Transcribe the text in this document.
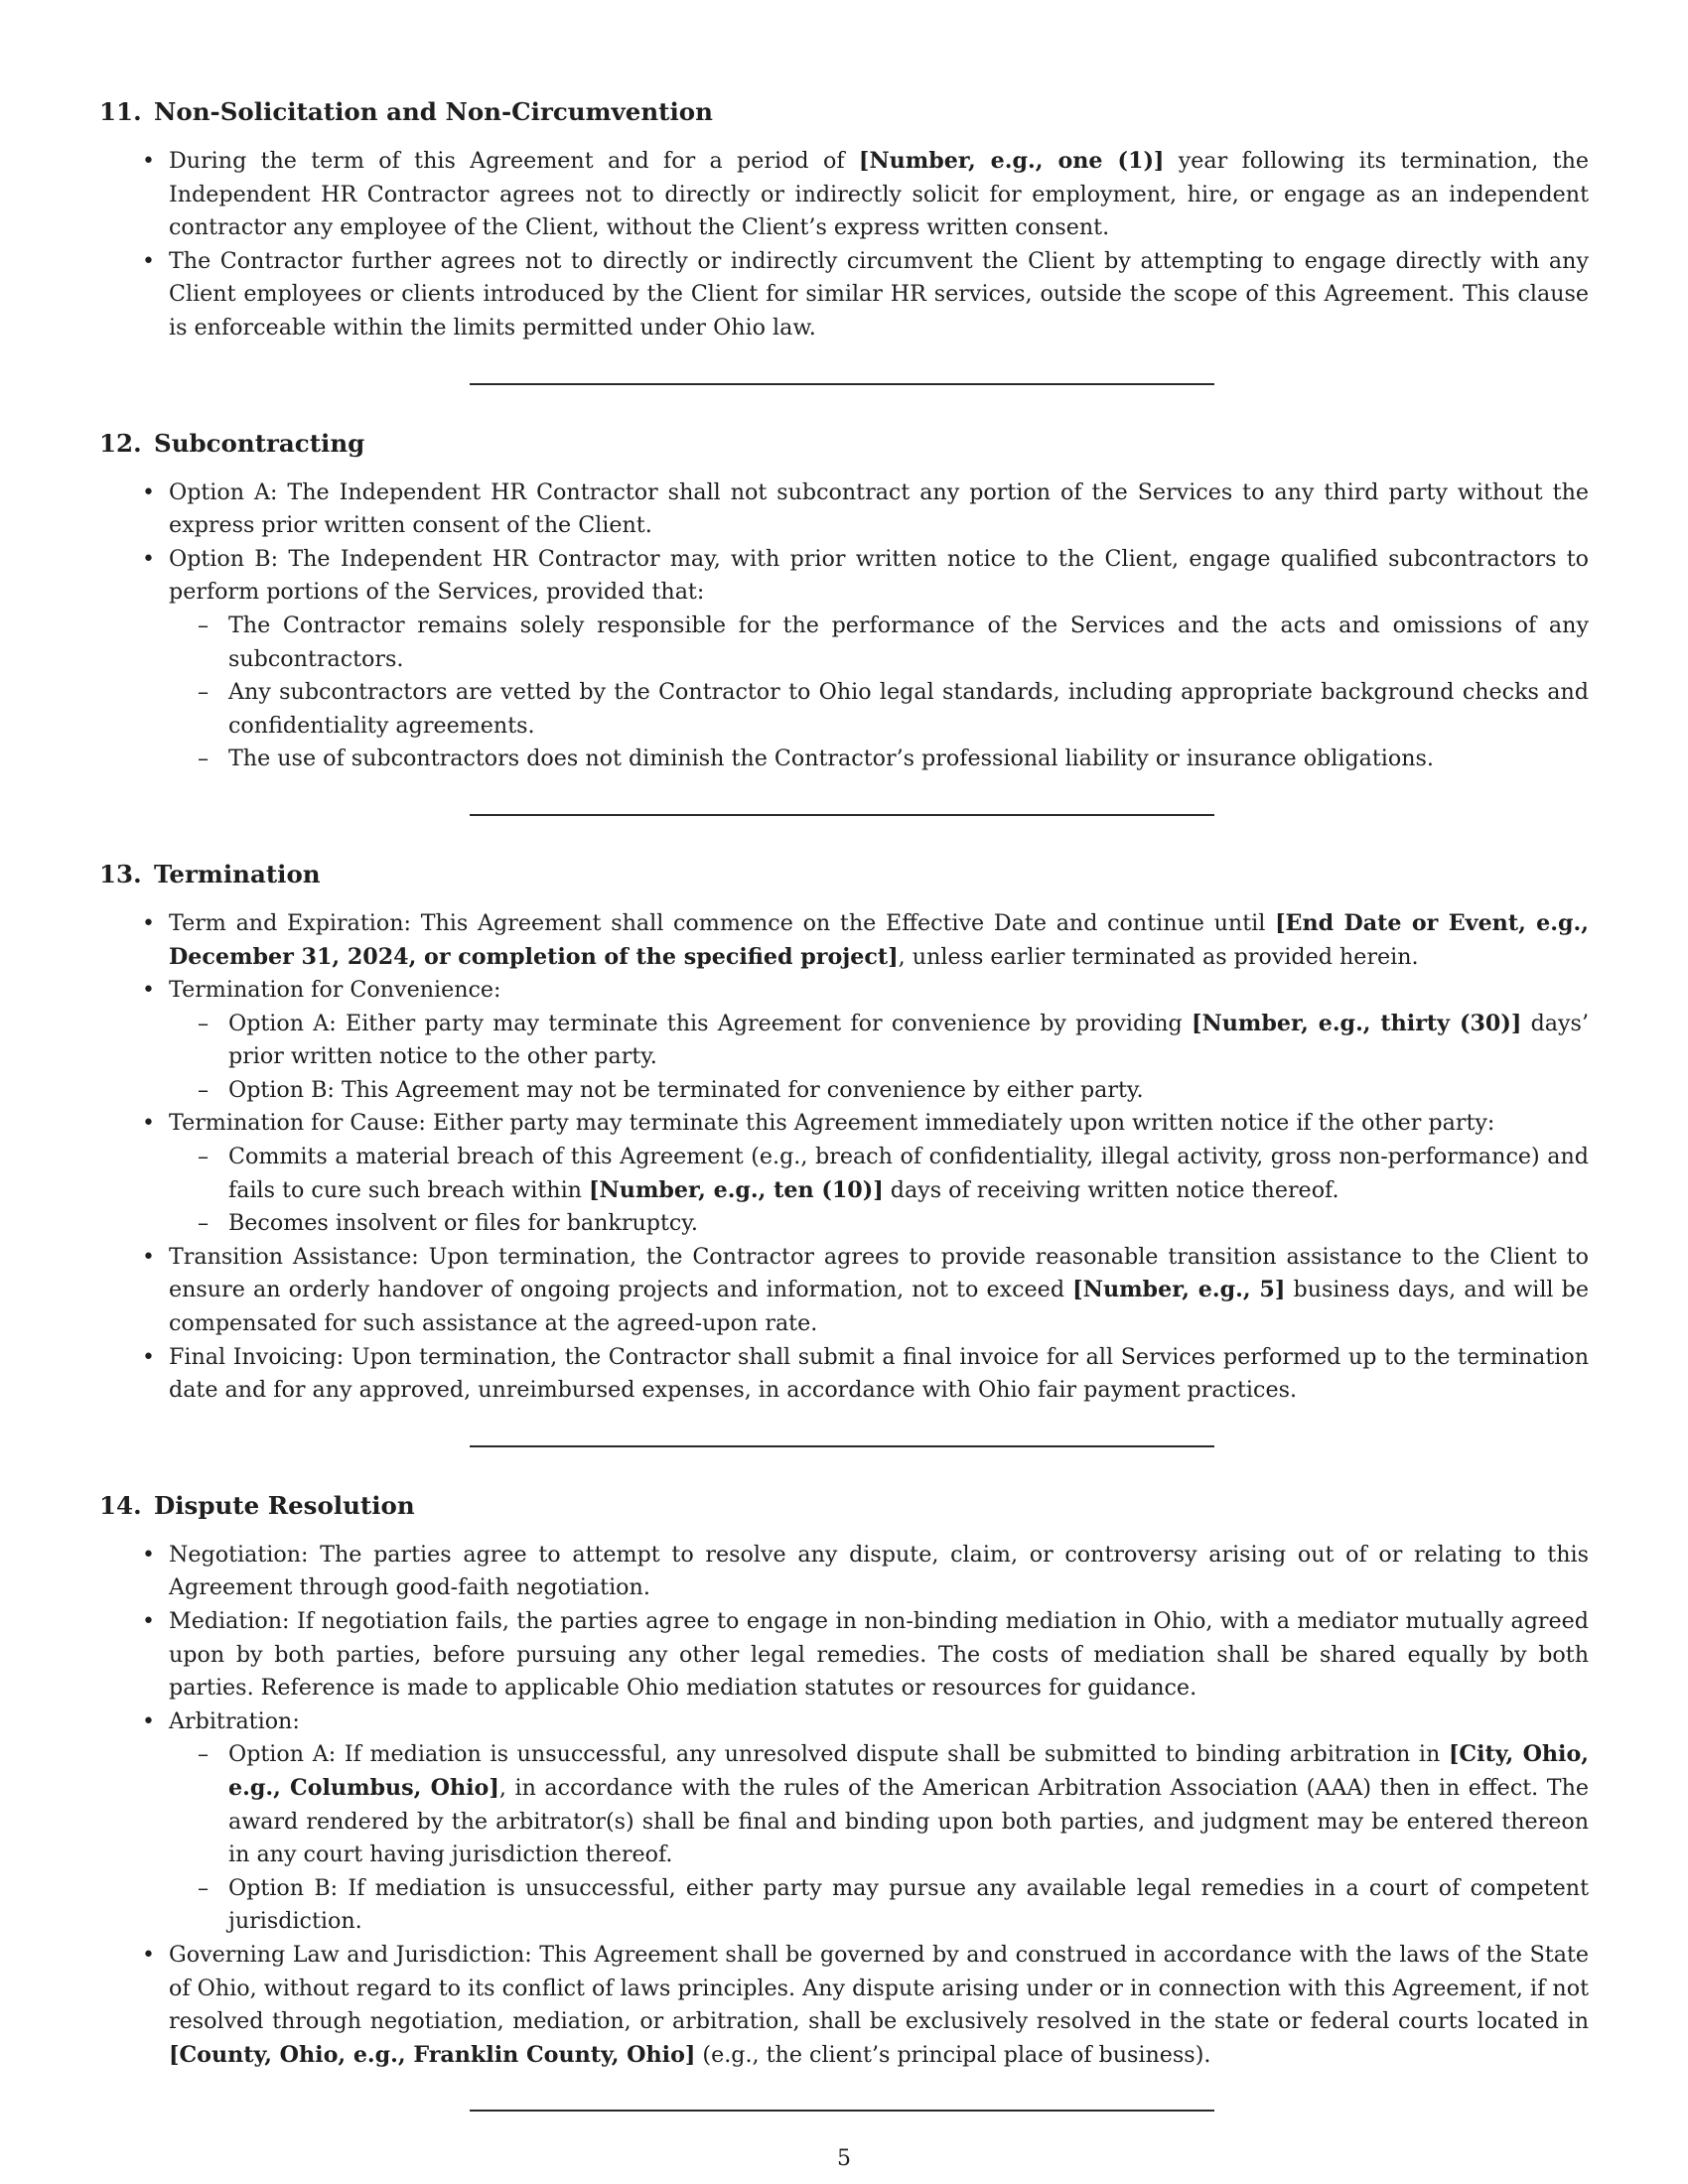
11. Non-Solicitation and Non-Circumvention
• During the term of this Agreement and for a period of [Number, e.g., one (1)] year following its termination, the Independent HR Contractor agrees not to directly or indirectly solicit for employment, hire, or engage as an independent contractor any employee of the Client, without the Client’s express written consent.
• The Contractor further agrees not to directly or indirectly circumvent the Client by attempting to engage directly with any Client employees or clients introduced by the Client for similar HR services, outside the scope of this Agreement. This clause is enforceable within the limits permitted under Ohio law.
12. Subcontracting
• Option A: The Independent HR Contractor shall not subcontract any portion of the Services to any third party without the express prior written consent of the Client.
• Option B: The Independent HR Contractor may, with prior written notice to the Client, engage qualified subcontractors to perform portions of the Services, provided that:
– The Contractor remains solely responsible for the performance of the Services and the acts and omissions of any subcontractors.
– Any subcontractors are vetted by the Contractor to Ohio legal standards, including appropriate background checks and confidentiality agreements.
– The use of subcontractors does not diminish the Contractor’s professional liability or insurance obligations.
13. Termination
• Term and Expiration: This Agreement shall commence on the Effective Date and continue until [End Date or Event, e.g., December 31, 2024, or completion of the specified project], unless earlier terminated as provided herein.
• Termination for Convenience:
– Option A: Either party may terminate this Agreement for convenience by providing [Number, e.g., thirty (30)] days’ prior written notice to the other party.
– Option B: This Agreement may not be terminated for convenience by either party.
• Termination for Cause: Either party may terminate this Agreement immediately upon written notice if the other party:
– Commits a material breach of this Agreement (e.g., breach of confidentiality, illegal activity, gross non-performance) and fails to cure such breach within [Number, e.g., ten (10)] days of receiving written notice thereof.
– Becomes insolvent or files for bankruptcy.
• Transition Assistance: Upon termination, the Contractor agrees to provide reasonable transition assistance to the Client to ensure an orderly handover of ongoing projects and information, not to exceed [Number, e.g., 5] business days, and will be compensated for such assistance at the agreed-upon rate.
• Final Invoicing: Upon termination, the Contractor shall submit a final invoice for all Services performed up to the termination date and for any approved, unreimbursed expenses, in accordance with Ohio fair payment practices.
14. Dispute Resolution
• Negotiation: The parties agree to attempt to resolve any dispute, claim, or controversy arising out of or relating to this Agreement through good-faith negotiation.
• Mediation: If negotiation fails, the parties agree to engage in non-binding mediation in Ohio, with a mediator mutually agreed upon by both parties, before pursuing any other legal remedies. The costs of mediation shall be shared equally by both parties. Reference is made to applicable Ohio mediation statutes or resources for guidance.
• Arbitration:
– Option A: If mediation is unsuccessful, any unresolved dispute shall be submitted to binding arbitration in [City, Ohio, e.g., Columbus, Ohio], in accordance with the rules of the American Arbitration Association (AAA) then in effect. The award rendered by the arbitrator(s) shall be final and binding upon both parties, and judgment may be entered thereon in any court having jurisdiction thereof.
– Option B: If mediation is unsuccessful, either party may pursue any available legal remedies in a court of competent jurisdiction.
• Governing Law and Jurisdiction: This Agreement shall be governed by and construed in accordance with the laws of the State of Ohio, without regard to its conflict of laws principles. Any dispute arising under or in connection with this Agreement, if not resolved through negotiation, mediation, or arbitration, shall be exclusively resolved in the state or federal courts located in [County, Ohio, e.g., Franklin County, Ohio] (e.g., the client’s principal place of business).
5
